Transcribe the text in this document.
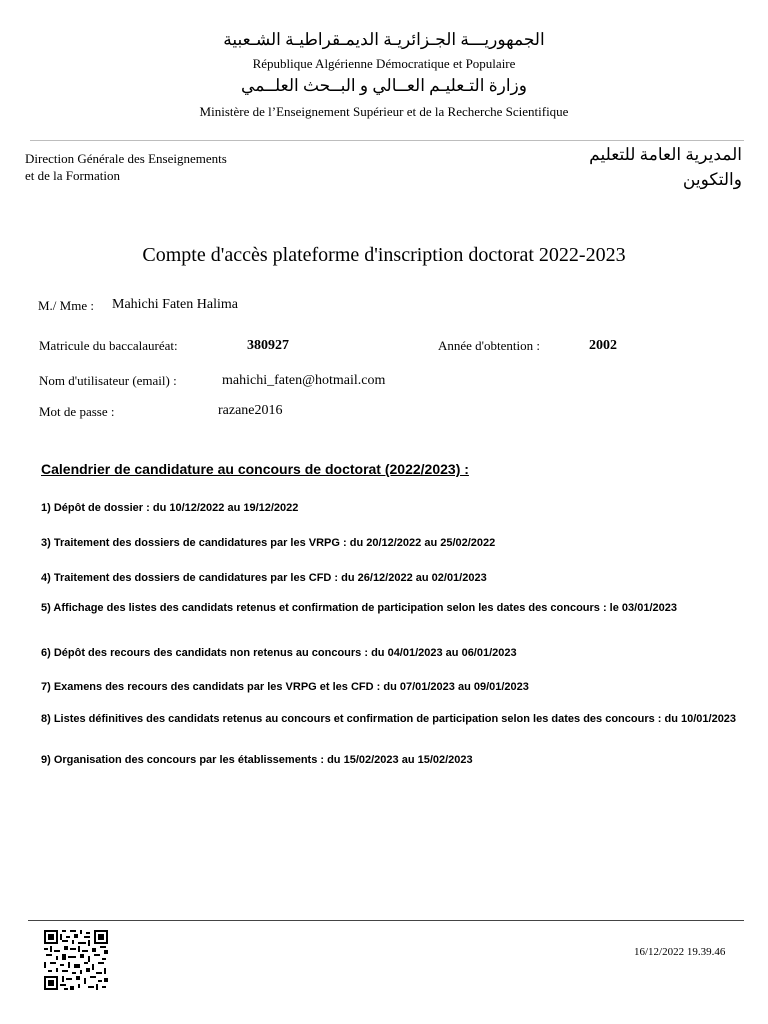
الجمهوريـــة الجـزائريـة الديمـقراطيـة الشـعبية
République Algérienne Démocratique et Populaire
وزارة التـعليـم العــالي و البــحث العلــمي
Ministère de l’Enseignement Supérieur et de la Recherche Scientifique
Direction Générale des Enseignements
et de la Formation
المديرية العامة للتعليم
والتكوين
Compte d'accès plateforme d'inscription doctorat 2022-2023
M./ Mme : Mahichi Faten Halima
Matricule du baccalauréat:	380927	Année d'obtention :	2002
Nom d'utilisateur (email) :	mahichi_faten@hotmail.com
Mot de passe :	razane2016
Calendrier de candidature au concours de doctorat (2022/2023) :
1) Dépôt de dossier : du 10/12/2022 au 19/12/2022
3) Traitement des dossiers de candidatures par les VRPG : du 20/12/2022 au 25/02/2022
4) Traitement des dossiers de candidatures par les CFD : du 26/12/2022 au 02/01/2023
5) Affichage des listes des candidats retenus et confirmation de participation selon les dates des concours : le 03/01/2023
6) Dépôt des recours des candidats non retenus au concours : du 04/01/2023 au 06/01/2023
7) Examens des recours des candidats par les VRPG et les CFD : du 07/01/2023 au 09/01/2023
8) Listes définitives des candidats retenus au concours et confirmation de participation selon les dates des concours : du 10/01/2023
9) Organisation des concours par les établissements : du 15/02/2023 au 15/02/2023
16/12/2022 19.39.46
